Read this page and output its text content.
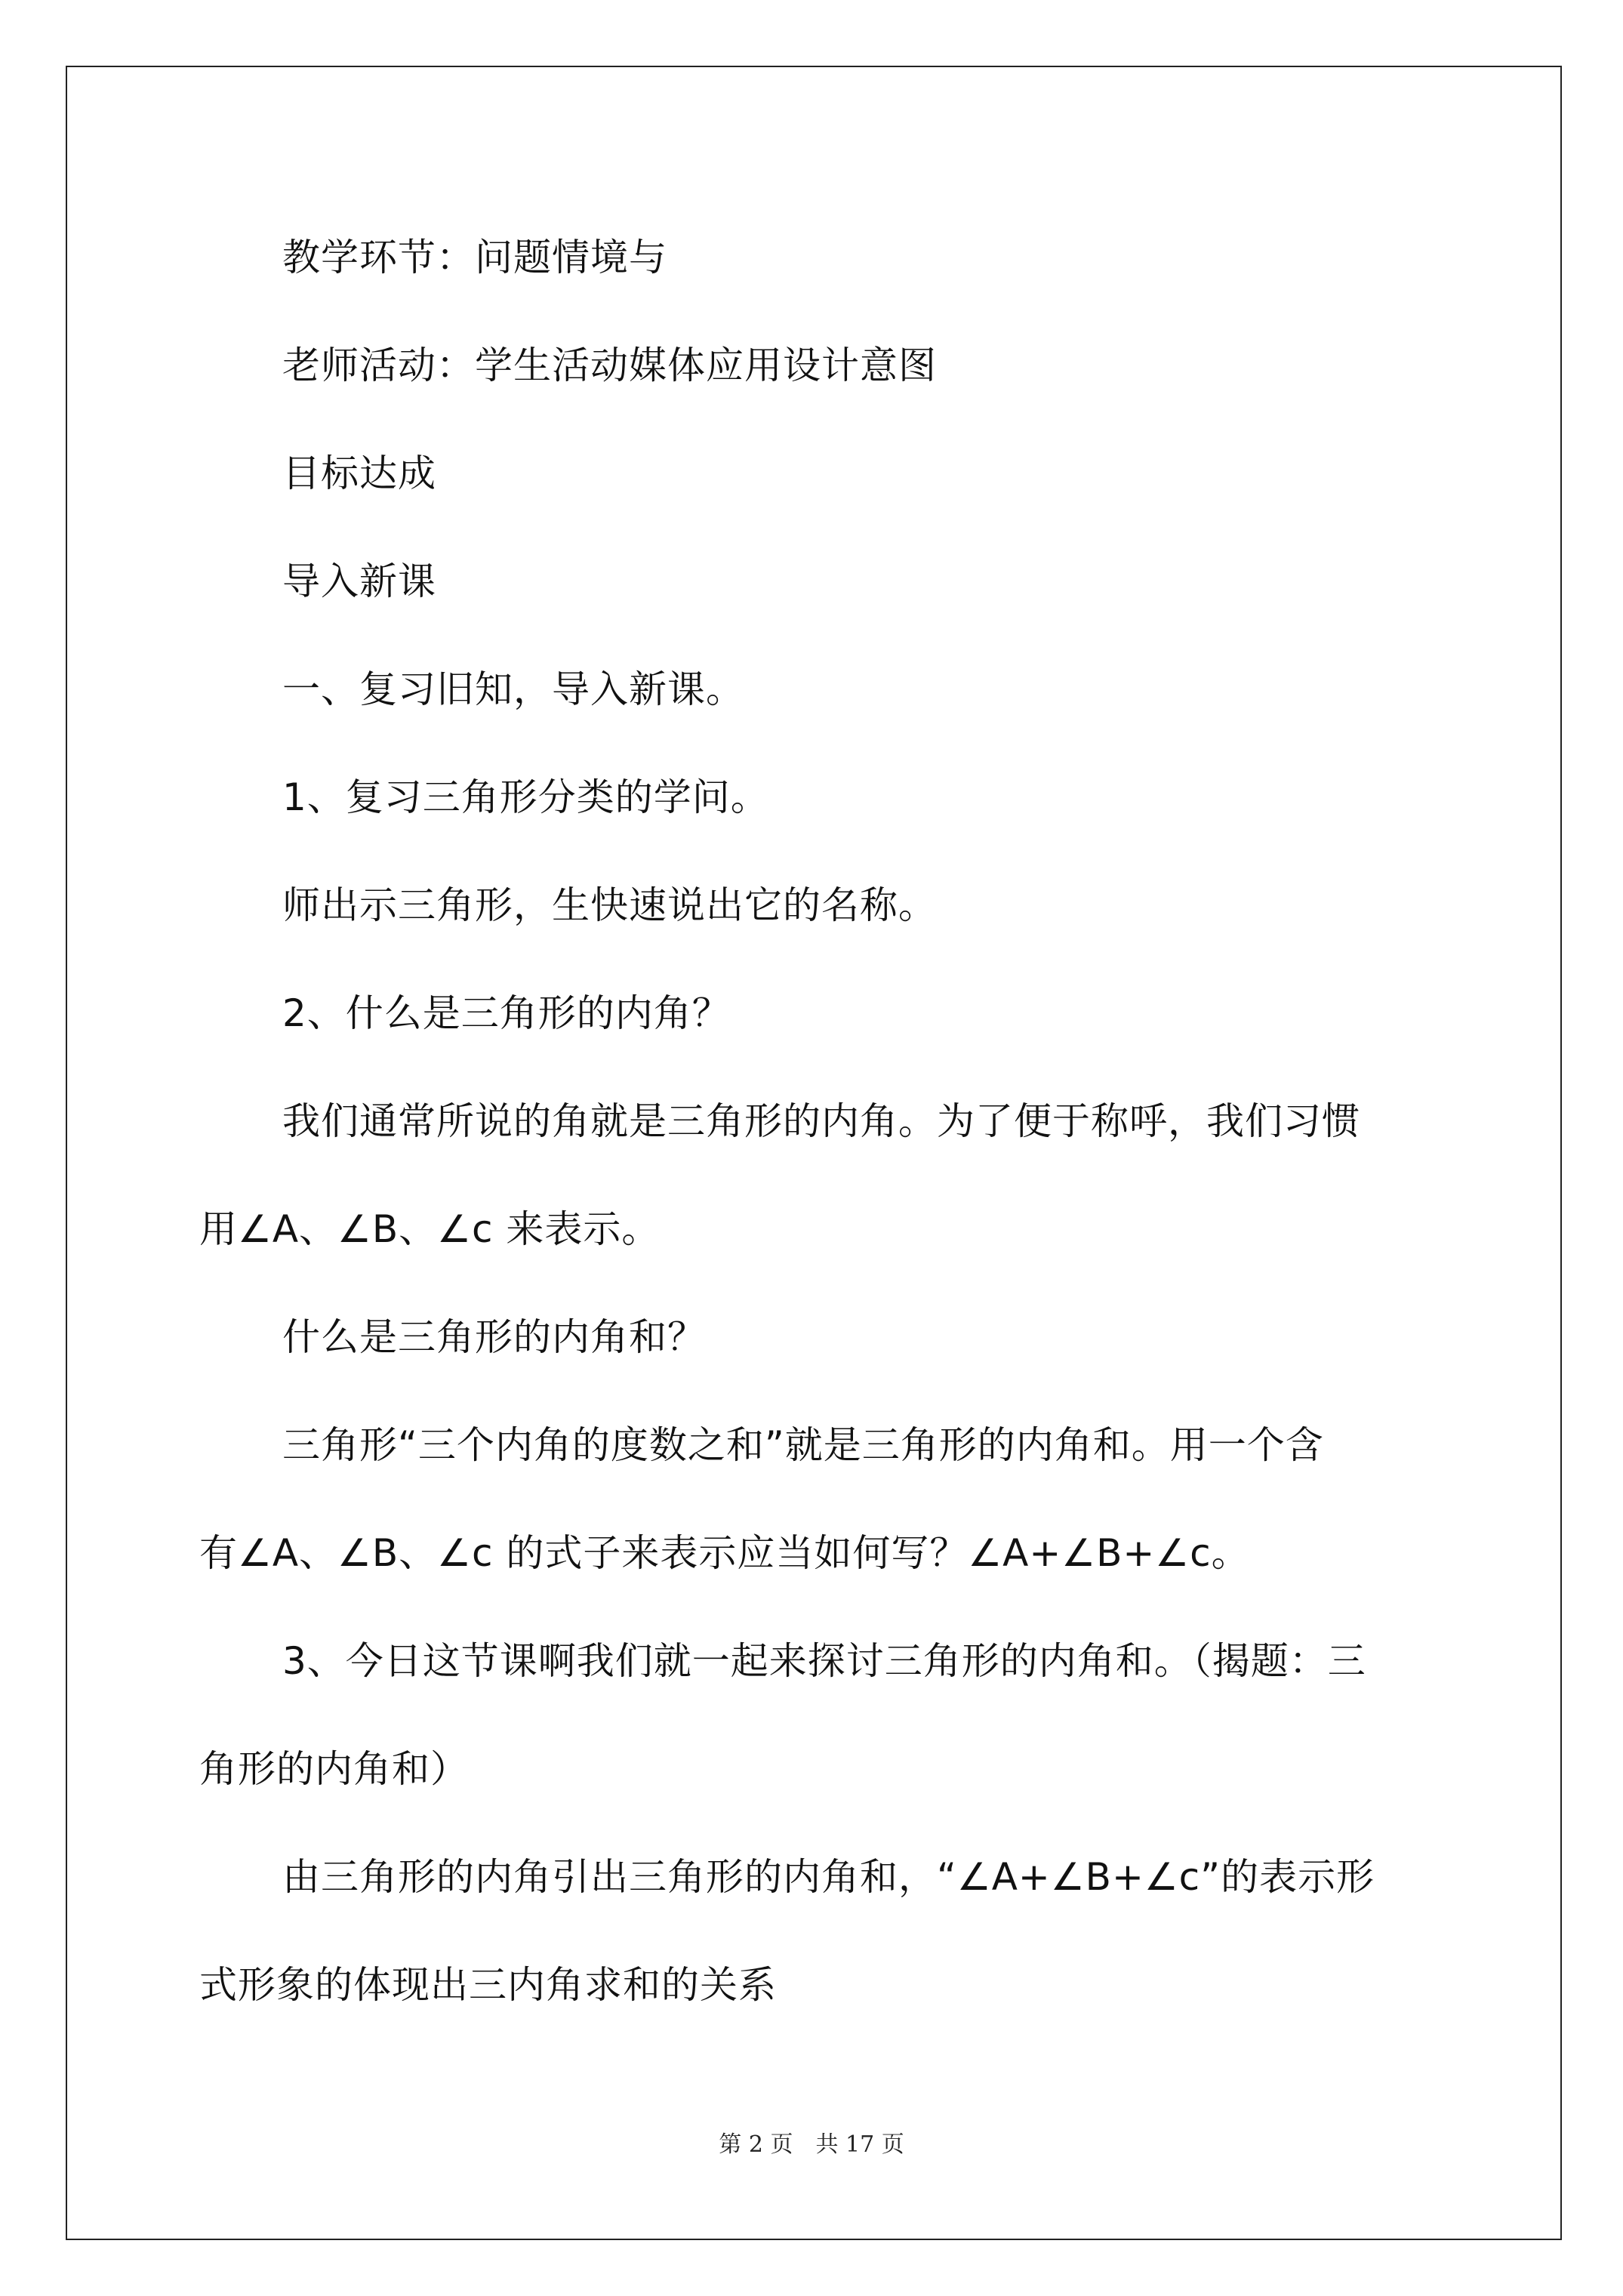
教学环节：问题情境与

老师活动：学生活动媒体应用设计意图

目标达成

导入新课

一、复习旧知，导入新课。

1、复习三角形分类的学问。

师出示三角形，生快速说出它的名称。

2、什么是三角形的内角？

我们通常所说的角就是三角形的内角。为了便于称呼，我们习惯

用∠A、∠B、∠c 来表示。

什么是三角形的内角和？

三角形“三个内角的度数之和”就是三角形的内角和。用一个含

有∠A、∠B、∠c 的式子来表示应当如何写？∠A+∠B+∠c。

3、今日这节课啊我们就一起来探讨三角形的内角和。（揭题：三

角形的内角和）

由三角形的内角引出三角形的内角和，“∠A+∠B+∠c”的表示形

式形象的体现出三内角求和的关系

第 2 页　共 17 页
